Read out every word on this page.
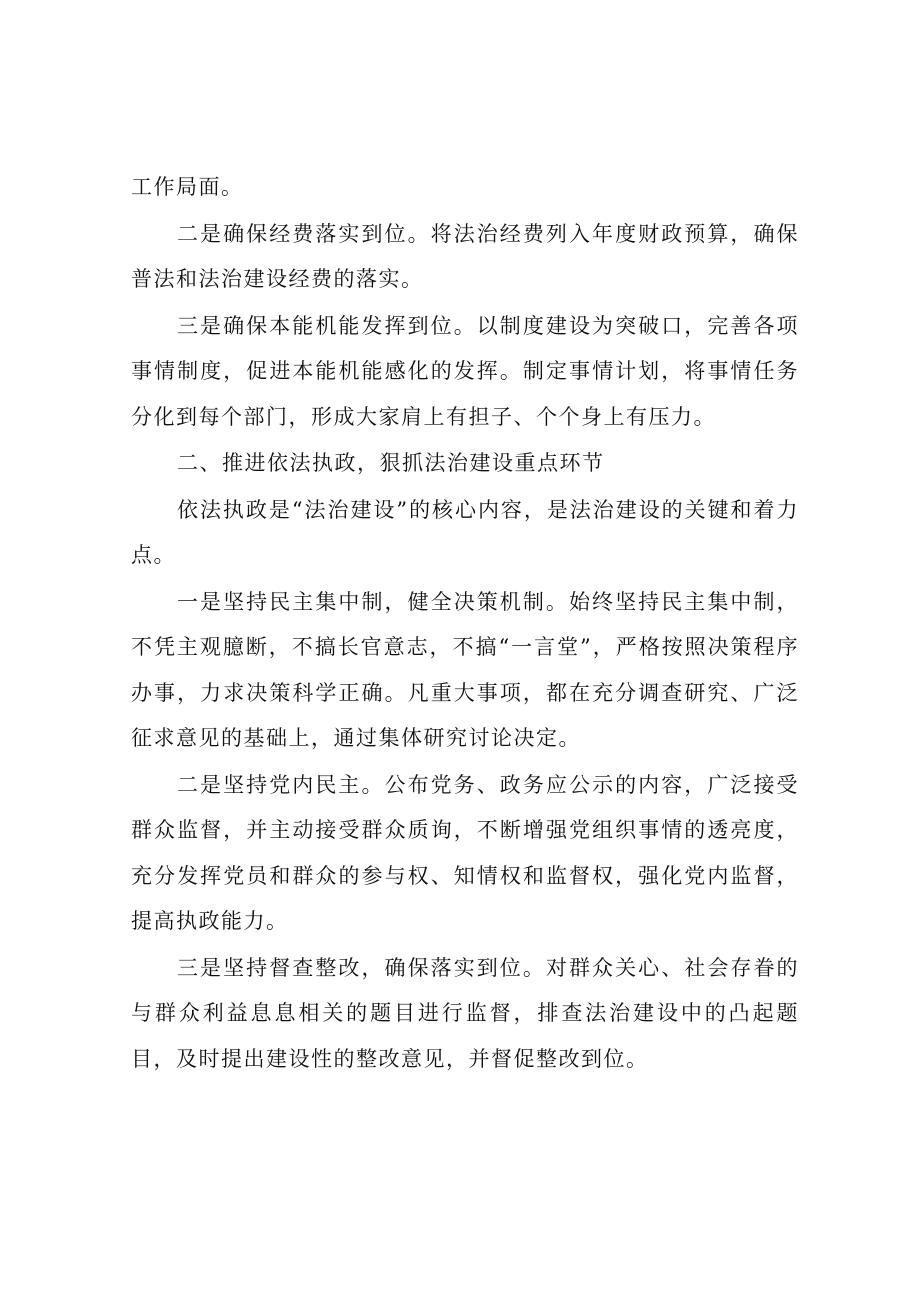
工作局面。

二是确保经费落实到位。将法治经费列入年度财政预算，确保普法和法治建设经费的落实。

三是确保本能机能发挥到位。以制度建设为突破口，完善各项事情制度，促进本能机能感化的发挥。制定事情计划，将事情任务分化到每个部门，形成大家肩上有担子、个个身上有压力。

二、推进依法执政，狠抓法治建设重点环节

依法执政是“法治建设”的核心内容，是法治建设的关键和着力点。

一是坚持民主集中制，健全决策机制。始终坚持民主集中制，不凭主观臆断，不搞长官意志，不搞“一言堂”，严格按照决策程序办事，力求决策科学正确。凡重大事项，都在充分调查研究、广泛征求意见的基础上，通过集体研究讨论决定。

二是坚持党内民主。公布党务、政务应公示的内容，广泛接受群众监督，并主动接受群众质询，不断增强党组织事情的透亮度，充分发挥党员和群众的参与权、知情权和监督权，强化党内监督，提高执政能力。

三是坚持督查整改，确保落实到位。对群众关心、社会存眷的与群众利益息息相关的题目进行监督，排查法治建设中的凸起题目，及时提出建设性的整改意见，并督促整改到位。
